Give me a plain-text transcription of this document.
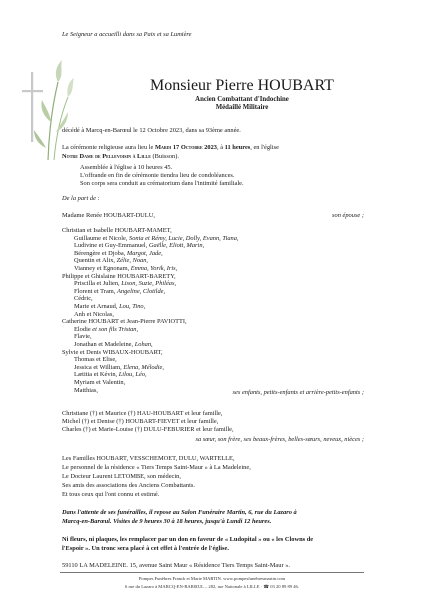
Le Seigneur a accueilli dans sa Paix et sa Lumière
Monsieur Pierre HOUBART
Ancien Combattant d'Indochine
Médaillé Militaire
décédé à Marcq-en-Barœul le 12 Octobre 2023, dans sa 93ème année.
La cérémonie religieuse aura lieu le Mardi 17 Octobre 2023, à 11 heures, en l'église
Notre Dame de Pellevoisin à Lille (Buisson).
Assemblée à l'église à 10 heures 45.
L'offrande en fin de cérémonie tiendra lieu de condoléances.
Son corps sera conduit au crématorium dans l'intimité familiale.
De la part de :
Madame Renée HOUBART-DULU,	son épouse ;
Christian et Isabelle HOUBART-MAMET,
Guillaume et Nicole, Sonia et Rémy, Lucie, Dolly, Evann, Tiana,
Ludivine et Guy-Emmanuel, Gaëlle, Eliott, Marin,
Bérengère et Djoba, Margot, Jade,
Quentin et Alix, Zélie, Noan,
Vianney et Egnonam, Emma, Yorik, Iris,
Philippe et Ghislaine HOUBART-BARETY,
Priscilla et Julien, Lison, Suzie, Philéas,
Florent et Tram, Angeline, Clotilde,
Cédric,
Marie et Arnaud, Lou, Tino,
Anh et Nicolas,
Catherine HOUBART et Jean-Pierre PAVIOTTI,
Elodie et son fils Tristan,
Flavie,
Jonathan et Madeleine, Lohan,
Sylvie et Denis WIBAUX-HOUBART,
Thomas et Elise,
Jessica et William, Elena, Mélodie,
Lætitia et Kévin, Lilou, Léo,
Myriam et Valentin,
Matthias,	ses enfants, petits-enfants et arrière-petits-enfants ;
Christiane (†) et Maurice (†) HAU-HOUBART et leur famille,
Michel (†) et Denise (†) HOUBART-FIEVET et leur famille,
Charles (†) et Marie-Louise (†) DULU-FEBURIER et leur famille,
sa sœur, son frère, ses beaux-frères, belles-sœurs, neveux, nièces ;
Les Familles HOUBART, VESSCHEMOET, DULU, WARTELLE,
Le personnel de la résidence « Tiers Temps Saint-Maur » à La Madeleine,
Le Docteur Laurent LETOMBE, son médecin,
Ses amis des associations des Anciens Combattants.
Et tous ceux qui l'ont connu et estimé.
Dans l'attente de ses funérailles, il repose au Salon Funéraire Martin, 6, rue du Lazaro à
Marcq-en-Barœul. Visites de 9 heures 30 à 18 heures, jusqu'à Lundi 12 heures.
Ni fleurs, ni plaques, les remplacer par un don en faveur de « Ludopital » ou « les Clowns de
l'Espoir ». Un tronc sera placé à cet effet à l'entrée de l'église.
59110 LA MADELEINE. 15, avenue Saint Maur « Résidence Tiers Temps Saint-Maur ».
Pompes Funèbres Franck et Marie MARTIN. www.pompesfunebresmartin.com
6 rue du Lazaro à MARCQ-EN-BARŒUL – 282, rue Nationale à LILLE · ☎ 03 20 89 89 46.
